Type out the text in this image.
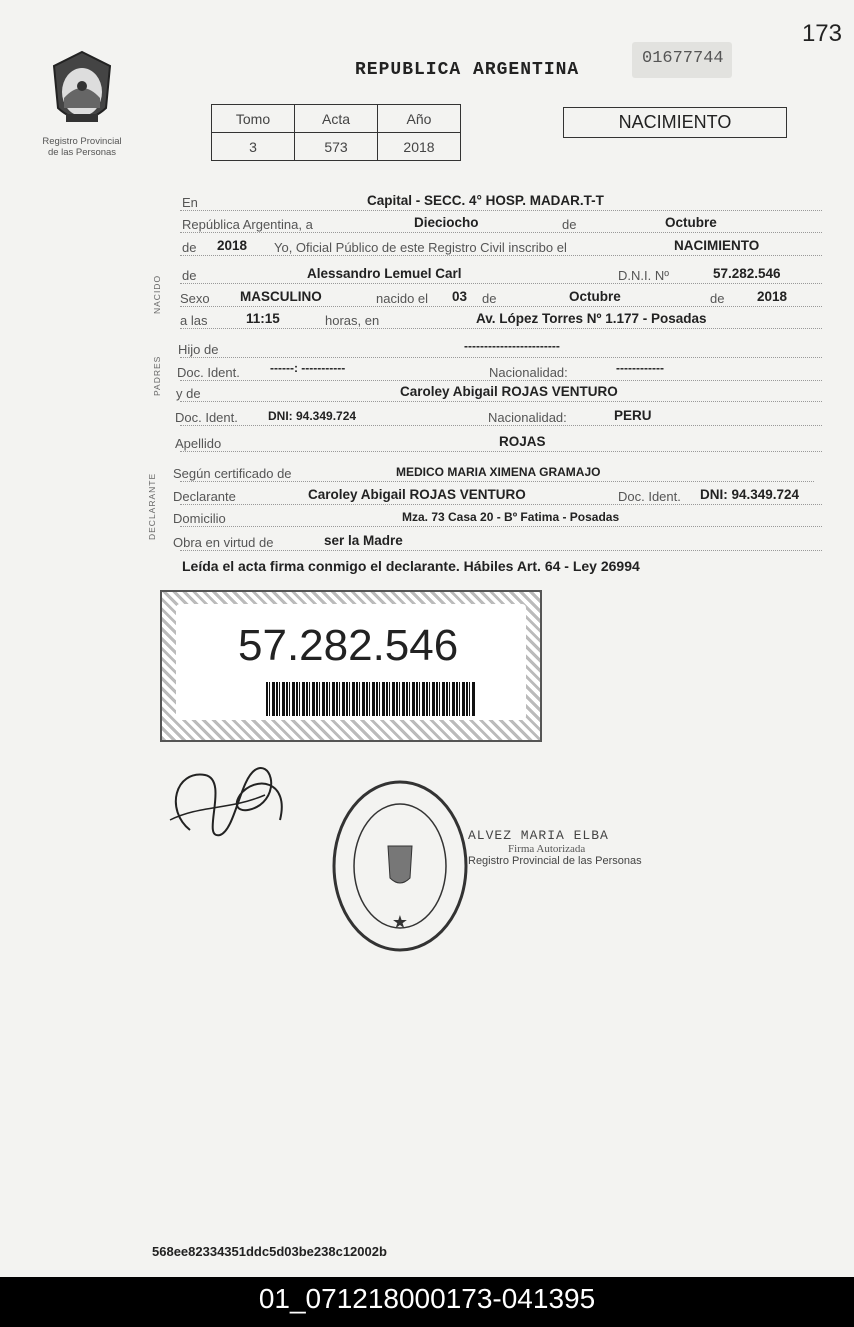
173
Registro Provincial
de las Personas
REPUBLICA ARGENTINA
01677744
Tomo	Acta	Año
3	573	2018
NACIMIENTO
En	Capital - SECC. 4° HOSP. MADAR.T-T
República Argentina, a	Dieciocho	de	Octubre
de 2018 Yo, Oficial Público de este Registro Civil inscribo el	NACIMIENTO
NACIDO de	Alessandro Lemuel Carl	D.N.I. Nº	57.282.546
Sexo MASCULINO	nacido el 03 de	Octubre	de 2018
a las	11:15	horas, en	Av. López Torres Nº 1.177 - Posadas
PADRES
Hijo de	------------------------
Doc. Ident.	------: -----------	Nacionalidad:	------------
y de	Caroley Abigail ROJAS VENTURO
Doc. Ident.	DNI: 94.349.724	Nacionalidad:	PERU
Apellido	ROJAS
DECLARANTE Según certificado de	MEDICO MARIA XIMENA GRAMAJO
Declarante	Caroley Abigail ROJAS VENTURO	Doc. Ident. DNI: 94.349.724
Domicilio	Mza. 73 Casa 20 - Bº Fatima - Posadas
Obra en virtud de	ser la Madre
Leída el acta firma conmigo el declarante. Hábiles Art. 64 - Ley 26994
57.282.546
★
ALVEZ MARIA ELBA
Firma Autorizada
Registro Provincial de las Personas
568ee82334351ddc5d03be238c12002b
01_071218000173-041395
